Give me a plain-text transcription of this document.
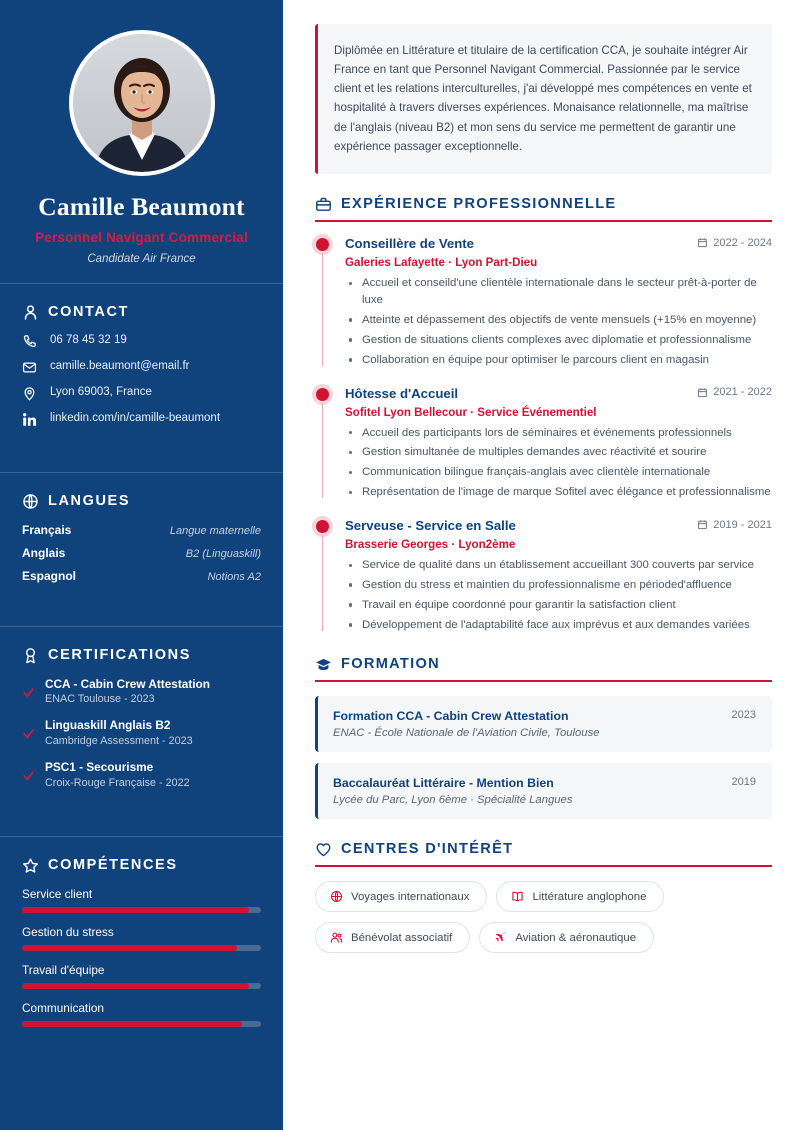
Camille Beaumont
Personnel Navigant Commercial
Candidate Air France
CONTACT
06 78 45 32 19
camille.beaumont@email.fr
Lyon 69003, France
linkedin.com/in/camille-beaumont
LANGUES
Français	Langue maternelle
Anglais	B2 (Linguaskill)
Espagnol	Notions A2
CERTIFICATIONS
CCA - Cabin Crew Attestation
ENAC Toulouse - 2023
Linguaskill Anglais B2
Cambridge Assessment - 2023
PSC1 - Secourisme
Croix-Rouge Française - 2022
COMPÉTENCES
Service client
Gestion du stress
Travail d'équipe
Communication
Diplômée en Littérature et titulaire de la certification CCA, je souhaite intégrer Air France en tant que Personnel Navigant Commercial. Passionnée par le service client et les relations interculturelles, j'ai développé mes compétences en vente et hospitalité à travers diverses expériences. Monaisance relationnelle, ma maîtrise de l'anglais (niveau B2) et mon sens du service me permettent de garantir une expérience passager exceptionnelle.
EXPÉRIENCE PROFESSIONNELLE
Conseillère de Vente	2022 - 2024
Galeries Lafayette · Lyon Part-Dieu
Accueil et conseild'une clientèle internationale dans le secteur prêt-à-porter de luxe
Atteinte et dépassement des objectifs de vente mensuels (+15% en moyenne)
Gestion de situations clients complexes avec diplomatie et professionnalisme
Collaboration en équipe pour optimiser le parcours client en magasin
Hôtesse d'Accueil	2021 - 2022
Sofitel Lyon Bellecour · Service Événementiel
Accueil des participants lors de séminaires et événements professionnels
Gestion simultanée de multiples demandes avec réactivité et sourire
Communication bilingue français-anglais avec clientèle internationale
Représentation de l'image de marque Sofitel avec élégance et professionnalisme
Serveuse - Service en Salle	2019 - 2021
Brasserie Georges · Lyon2ème
Service de qualité dans un établissement accueillant 300 couverts par service
Gestion du stress et maintien du professionnalisme en périoded'affluence
Travail en équipe coordonné pour garantir la satisfaction client
Développement de l'adaptabilité face aux imprévus et aux demandes variées
FORMATION
Formation CCA - Cabin Crew Attestation
ENAC - École Nationale de l'Aviation Civile, Toulouse
2023
Baccalauréat Littéraire - Mention Bien
Lycée du Parc, Lyon 6ème · Spécialité Langues
2019
CENTRES D'INTÉRÊT
Voyages internationaux	Littérature anglophone
Bénévolat associatif	Aviation & aéronautique
